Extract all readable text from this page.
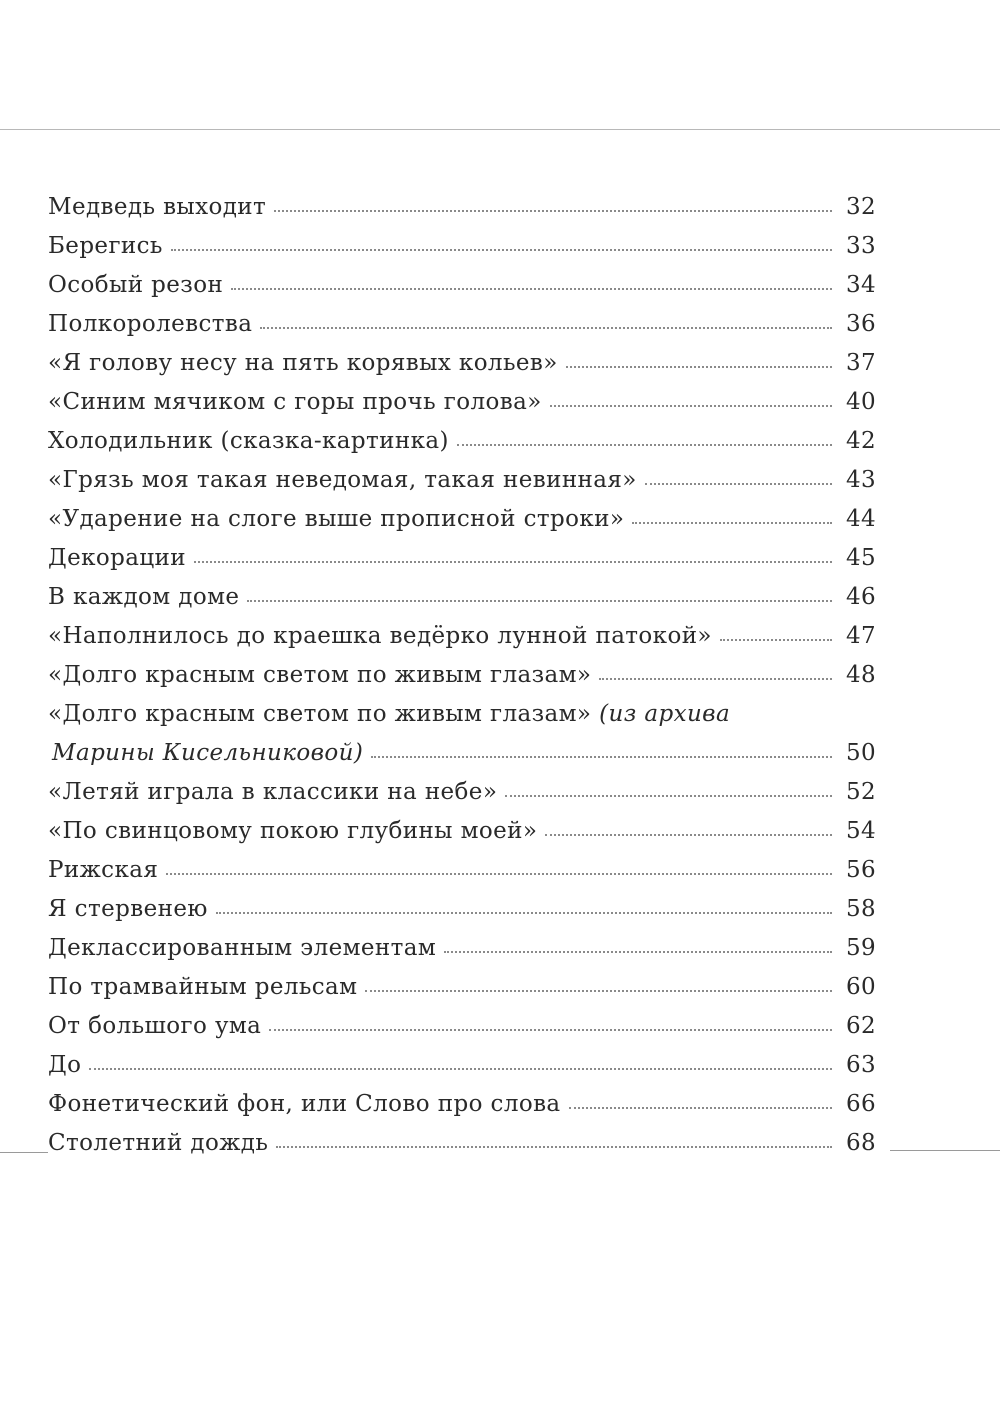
Медведь выходит	32
Берегись	33
Особый резон	34
Полкоролевства	36
«Я голову несу на пять корявых кольев»	37
«Синим мячиком с горы прочь голова»	40
Холодильник (сказка-картинка)	42
«Грязь моя такая неведомая, такая невинная»	43
«Ударение на слоге выше прописной строки»	44
Декорации	45
В каждом доме	46
«Наполнилось до краешка ведёрко лунной патокой»	47
«Долго красным светом по живым глазам»	48
«Долго красным светом по живым глазам» (из архива
Марины Кисельниковой)	50
«Летяй играла в классики на небе»	52
«По свинцовому покою глубины моей»	54
Рижская	56
Я стервенею	58
Деклассированным элементам	59
По трамвайным рельсам	60
От большого ума	62
До	63
Фонетический фон, или Слово про слова	66
Столетний дождь	68
